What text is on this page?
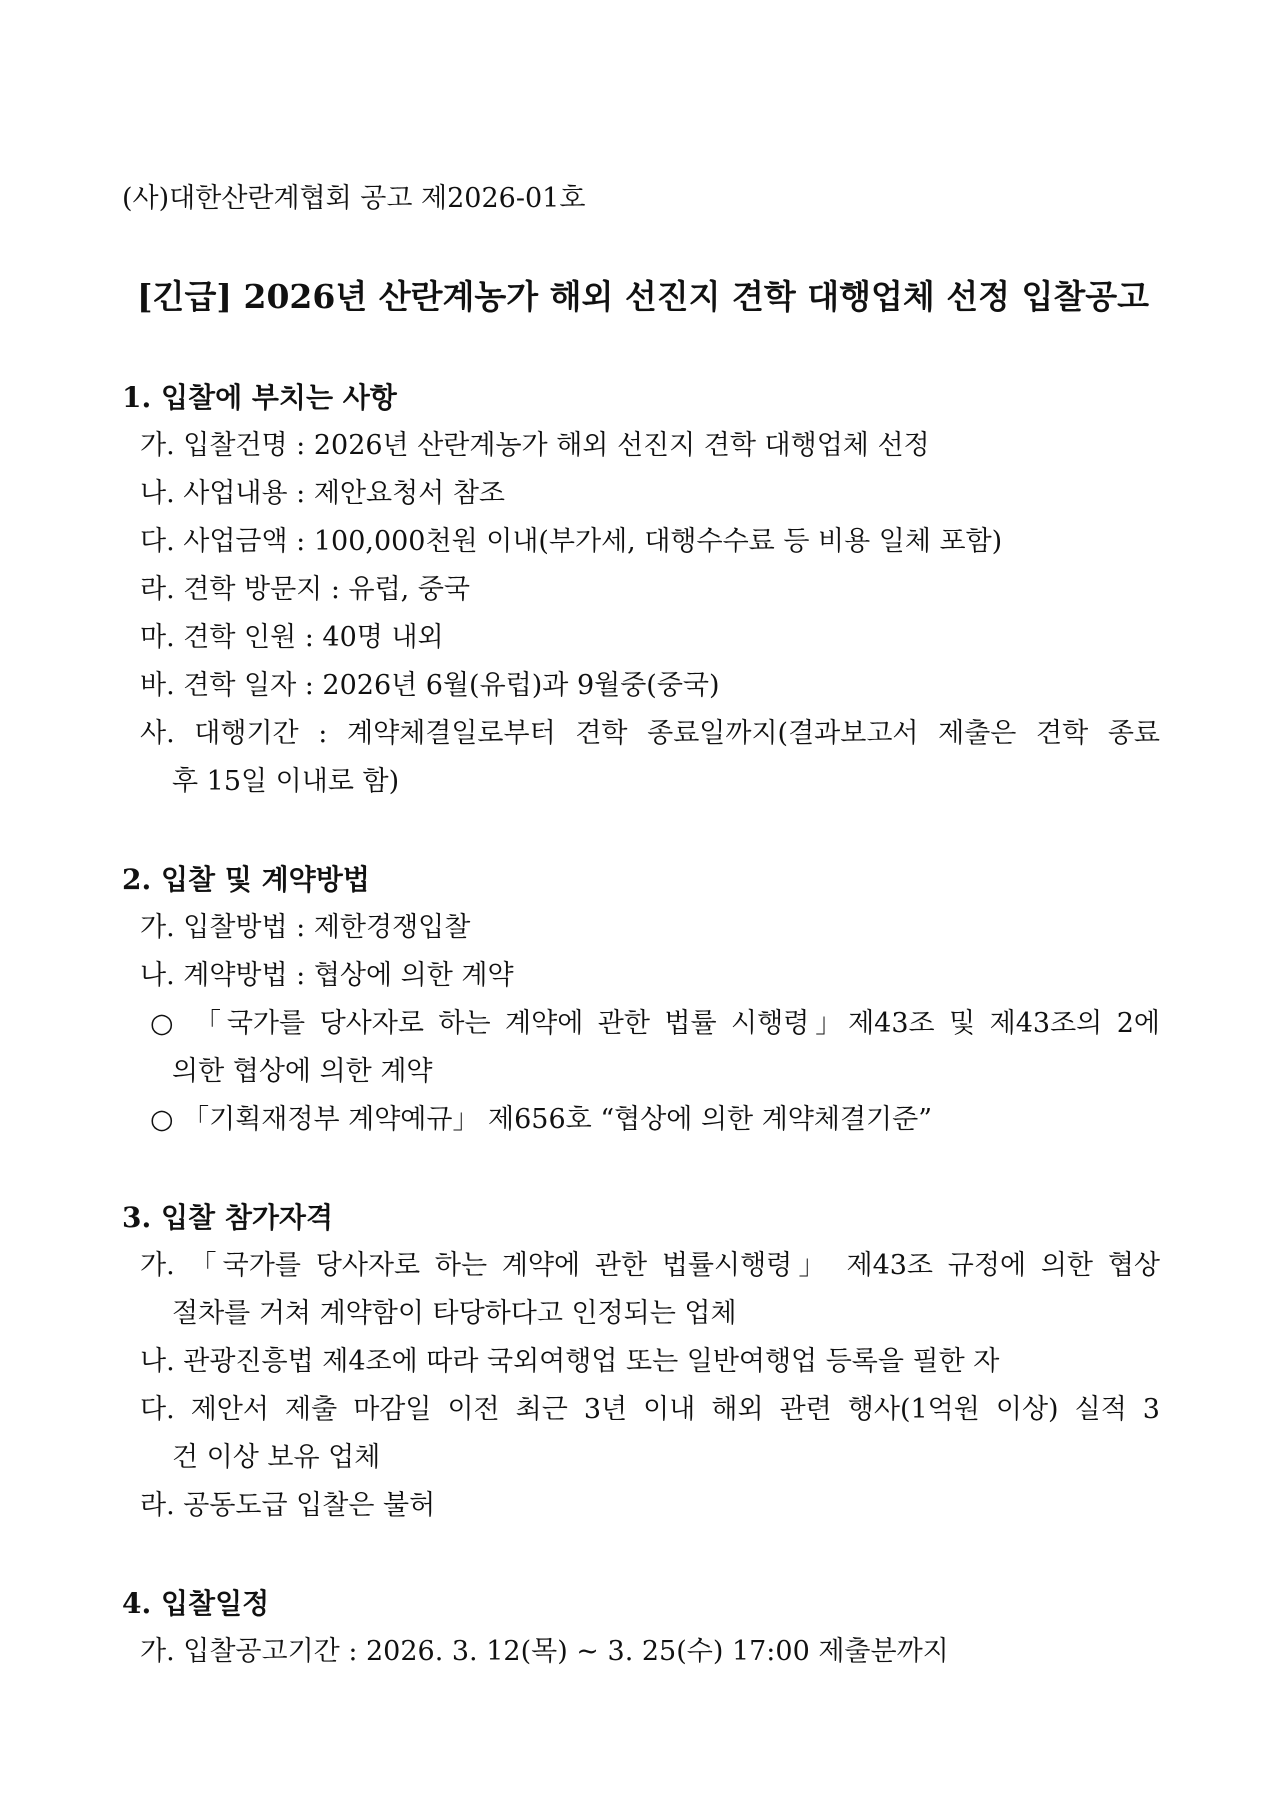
(사)대한산란계협회 공고 제2026-01호
[긴급] 2026년 산란계농가 해외 선진지 견학 대행업체 선정 입찰공고
1. 입찰에 부치는 사항
가. 입찰건명 : 2026년 산란계농가 해외 선진지 견학 대행업체 선정
나. 사업내용 : 제안요청서 참조
다. 사업금액 : 100,000천원 이내(부가세, 대행수수료 등 비용 일체 포함)
라. 견학 방문지 : 유럽, 중국
마. 견학 인원 : 40명 내외
바. 견학 일자 : 2026년 6월(유럽)과 9월중(중국)
사. 대행기간 : 계약체결일로부터 견학 종료일까지(결과보고서 제출은 견학 종료
후 15일 이내로 함)
2. 입찰 및 계약방법
가. 입찰방법 : 제한경쟁입찰
나. 계약방법 : 협상에 의한 계약
○ 「국가를 당사자로 하는 계약에 관한 법률 시행령」제43조 및 제43조의 2에
의한 협상에 의한 계약
○ 「기획재정부 계약예규」 제656호 “협상에 의한 계약체결기준”
3. 입찰 참가자격
가. 「국가를 당사자로 하는 계약에 관한 법률시행령」 제43조 규정에 의한 협상
절차를 거쳐 계약함이 타당하다고 인정되는 업체
나. 관광진흥법 제4조에 따라 국외여행업 또는 일반여행업 등록을 필한 자
다. 제안서 제출 마감일 이전 최근 3년 이내 해외 관련 행사(1억원 이상) 실적 3
건 이상 보유 업체
라. 공동도급 입찰은 불허
4. 입찰일정
가. 입찰공고기간 : 2026. 3. 12(목) ~ 3. 25(수) 17:00 제출분까지
